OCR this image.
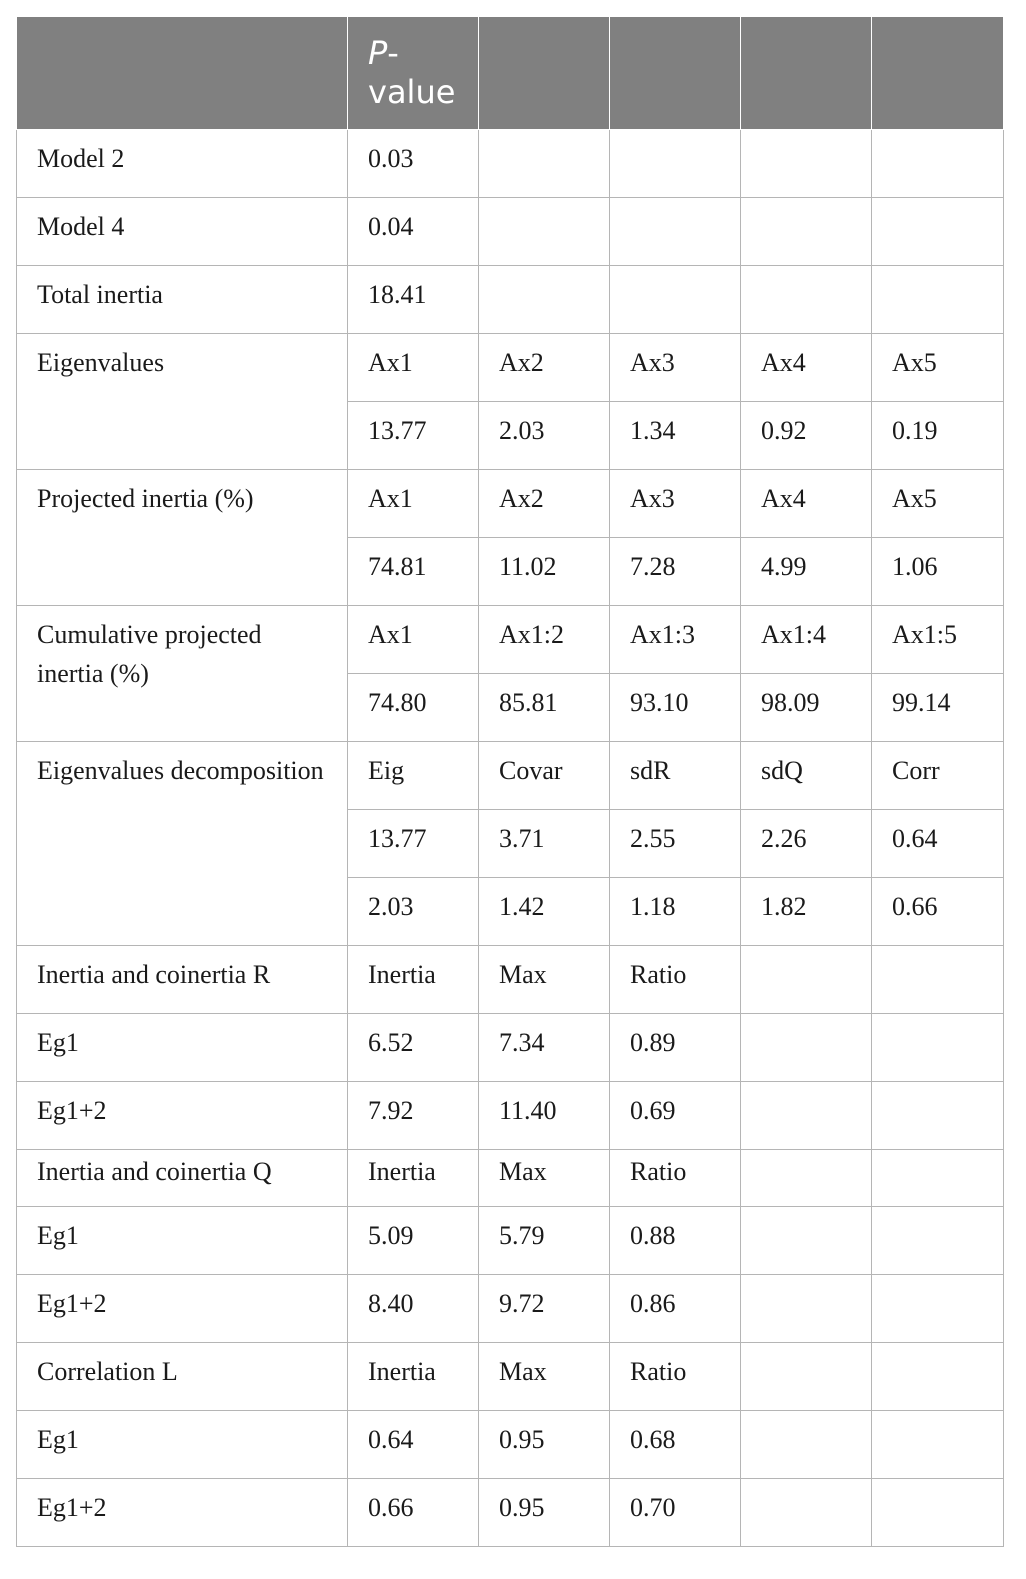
	P-value				
Model 2	0.03				
Model 4	0.04				
Total inertia	18.41				
Eigenvalues	Ax1	Ax2	Ax3	Ax4	Ax5
	13.77	2.03	1.34	0.92	0.19
Projected inertia (%)	Ax1	Ax2	Ax3	Ax4	Ax5
	74.81	11.02	7.28	4.99	1.06
Cumulative projected inertia (%)	Ax1	Ax1:2	Ax1:3	Ax1:4	Ax1:5
	74.80	85.81	93.10	98.09	99.14
Eigenvalues decomposition	Eig	Covar	sdR	sdQ	Corr
	13.77	3.71	2.55	2.26	0.64
	2.03	1.42	1.18	1.82	0.66
Inertia and coinertia R	Inertia	Max	Ratio		
Eg1	6.52	7.34	0.89		
Eg1+2	7.92	11.40	0.69		
Inertia and coinertia Q	Inertia	Max	Ratio		
Eg1	5.09	5.79	0.88		
Eg1+2	8.40	9.72	0.86		
Correlation L	Inertia	Max	Ratio		
Eg1	0.64	0.95	0.68		
Eg1+2	0.66	0.95	0.70		
